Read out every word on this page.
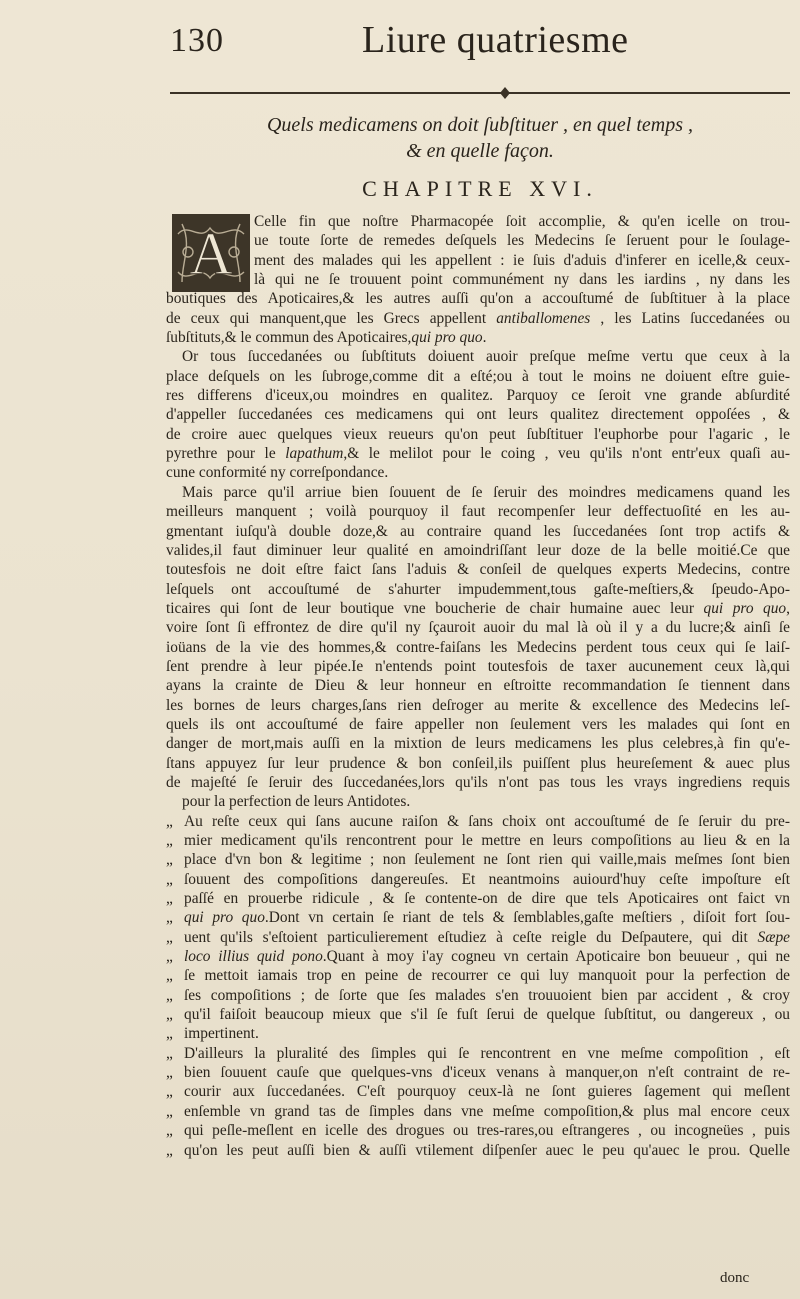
130	Liure quatriesme
Quels medicamens on doit ſubſtituer , en quel temps ,
& en quelle façon.
CHAPITRE XVI.
A	Celle fin que noſtre Pharmacopée ſoit accomplie, & qu'en icelle on trou-
ue toute ſorte de remedes deſquels les Medecins ſe ſeruent pour le ſoulage-
ment des malades qui les appellent : ie ſuis d'aduis d'inferer en icelle,& ceux-
là qui ne ſe trouuent point communément ny dans les iardins , ny dans les
boutiques des Apoticaires,& les autres auſſi qu'on a accouſtumé de ſubſtituer à la place
de ceux qui manquent,que les Grecs appellent antiballomenes , les Latins ſuccedanées ou
ſubſtituts,& le commun des Apoticaires,qui pro quo.
Or tous ſuccedanées ou ſubſtituts doiuent auoir preſque meſme vertu que ceux à la
place deſquels on les ſubroge,comme dit a eſté;ou à tout le moins ne doiuent eſtre guie-
res differens d'iceux,ou moindres en qualitez. Parquoy ce ſeroit vne grande abſurdité
d'appeller ſuccedanées ces medicamens qui ont leurs qualitez directement oppoſées , &
de croire auec quelques vieux reueurs qu'on peut ſubſtituer l'euphorbe pour l'agaric , le
pyrethre pour le lapathum,& le melilot pour le coing , veu qu'ils n'ont entr'eux quaſi au-
cune conformité ny correſpondance.
Mais parce qu'il arriue bien ſouuent de ſe ſeruir des moindres medicamens quand les
meilleurs manquent ; voilà pourquoy il faut recompenſer leur deffectuoſité en les au-
gmentant iuſqu'à double doze,& au contraire quand les ſuccedanées ſont trop actifs &
valides,il faut diminuer leur qualité en amoindriſſant leur doze de la belle moitié.Ce que
toutesfois ne doit eſtre faict ſans l'aduis & conſeil de quelques experts Medecins, contre
leſquels ont accouſtumé de s'ahurter impudemment,tous gaſte-meſtiers,& ſpeudo-Apo-
ticaires qui ſont de leur boutique vne boucherie de chair humaine auec leur qui pro quo,
voire ſont ſi effrontez de dire qu'il ny ſçauroit auoir du mal là où il y a du lucre;& ainſi ſe
ioüans de la vie des hommes,& contre-faiſans les Medecins perdent tous ceux qui ſe laiſ-
ſent prendre à leur pipée.Ie n'entends point toutesfois de taxer aucunement ceux là,qui
ayans la crainte de Dieu & leur honneur en eſtroitte recommandation ſe tiennent dans
les bornes de leurs charges,ſans rien deſroger au merite & excellence des Medecins leſ-
quels ils ont accouſtumé de faire appeller non ſeulement vers les malades qui ſont en
danger de mort,mais auſſi en la mixtion de leurs medicamens les plus celebres,à fin qu'e-
ſtans appuyez ſur leur prudence & bon conſeil,ils puiſſent plus heureſement & auec plus
de majeſté ſe ſeruir des ſuccedanées,lors qu'ils n'ont pas tous les vrays ingrediens requis
pour la perfection de leurs Antidotes.
„ Au reſte ceux qui ſans aucune raiſon & ſans choix ont accouſtumé de ſe ſeruir du pre-
„ mier medicament qu'ils rencontrent pour le mettre en leurs compoſitions au lieu & en la
„ place d'vn bon & legitime ; non ſeulement ne ſont rien qui vaille,mais meſmes ſont bien
„ ſouuent des compoſitions dangereuſes. Et neantmoins auiourd'huy ceſte impoſture eſt
„ paſſé en prouerbe ridicule , & ſe contente-on de dire que tels Apoticaires ont faict vn
„ qui pro quo.Dont vn certain ſe riant de tels & ſemblables,gaſte meſtiers , diſoit fort ſou-
„ uent qu'ils s'eſtoient particulierement eſtudiez à ceſte reigle du Deſpautere, qui dit Sæpe
„ loco illius quid pono.Quant à moy i'ay cogneu vn certain Apoticaire bon beuueur , qui ne
„ ſe mettoit iamais trop en peine de recourrer ce qui luy manquoit pour la perfection de
„ ſes compoſitions ; de ſorte que ſes malades s'en trouuoient bien par accident , & croy
„ qu'il faiſoit beaucoup mieux que s'il ſe fuſt ſerui de quelque ſubſtitut, ou dangereux , ou
„ impertinent.
„ D'ailleurs la pluralité des ſimples qui ſe rencontrent en vne meſme compoſition , eſt
„ bien ſouuent cauſe que quelques-vns d'iceux venans à manquer,on n'eſt contraint de re-
„ courir aux ſuccedanées. C'eſt pourquoy ceux-là ne ſont guieres ſagement qui meſlent
„ enſemble vn grand tas de ſimples dans vne meſme compoſition,& plus mal encore ceux
„ qui peſle-meſlent en icelle des drogues ou tres-rares,ou eſtrangeres , ou incogneües , puis
„ qu'on les peut auſſi bien & auſſi vtilement diſpenſer auec le peu qu'auec le prou. Quelle
donc
